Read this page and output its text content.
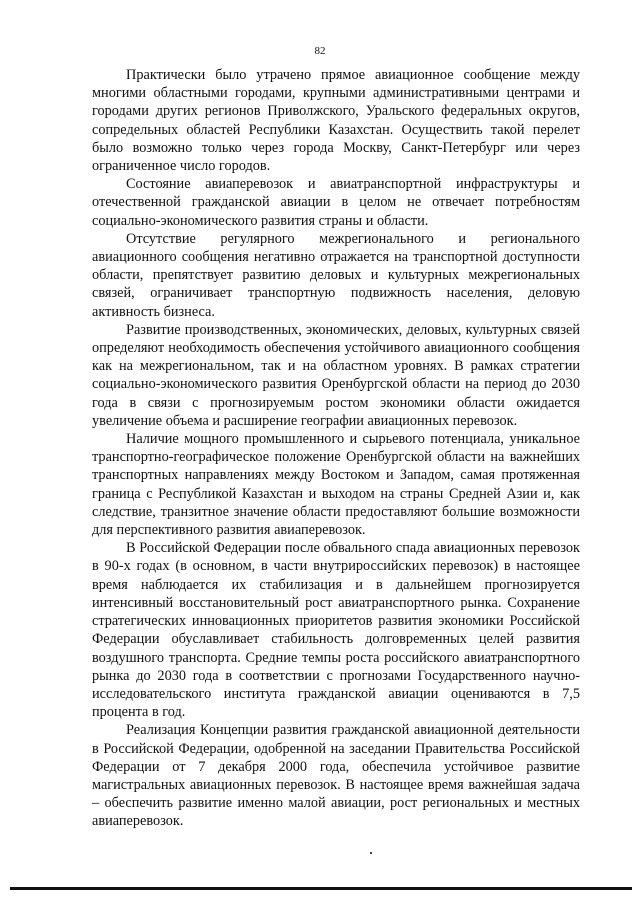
82

Практически было утрачено прямое авиационное сообщение между многими областными городами, крупными административными центрами и городами других регионов Приволжского, Уральского федеральных округов, сопредельных областей Республики Казахстан. Осуществить такой перелет было возможно только через города Москву, Санкт-Петербург или через ограниченное число городов.

Состояние авиаперевозок и авиатранспортной инфраструктуры и отечественной гражданской авиации в целом не отвечает потребностям социально-экономического развития страны и области.

Отсутствие регулярного межрегионального и регионального авиационного сообщения негативно отражается на транспортной доступности области, препятствует развитию деловых и культурных межрегиональных связей, ограничивает транспортную подвижность населения, деловую активность бизнеса.

Развитие производственных, экономических, деловых, культурных связей определяют необходимость обеспечения устойчивого авиационного сообщения как на межрегиональном, так и на областном уровнях. В рамках стратегии социально-экономического развития Оренбургской области на период до 2030 года в связи с прогнозируемым ростом экономики области ожидается увеличение объема и расширение географии авиационных перевозок.

Наличие мощного промышленного и сырьевого потенциала, уникальное транспортно-географическое положение Оренбургской области на важнейших транспортных направлениях между Востоком и Западом, самая протяженная граница с Республикой Казахстан и выходом на страны Средней Азии и, как следствие, транзитное значение области предоставляют большие возможности для перспективного развития авиаперевозок.

В Российской Федерации после обвального спада авиационных перевозок в 90-х годах (в основном, в части внутрироссийских перевозок) в настоящее время наблюдается их стабилизация и в дальнейшем прогнозируется интенсивный восстановительный рост авиатранспортного рынка. Сохранение стратегических инновационных приоритетов развития экономики Российской Федерации обуславливает стабильность долговременных целей развития воздушного транспорта. Средние темпы роста российского авиатранспортного рынка до 2030 года в соответствии с прогнозами Государственного научно-исследовательского института гражданской авиации оцениваются в 7,5 процента в год.

Реализация Концепции развития гражданской авиационной деятельности в Российской Федерации, одобренной на заседании Правительства Российской Федерации от 7 декабря 2000 года, обеспечила устойчивое развитие магистральных авиационных перевозок. В настоящее время важнейшая задача – обеспечить развитие именно малой авиации, рост региональных и местных авиаперевозок.
